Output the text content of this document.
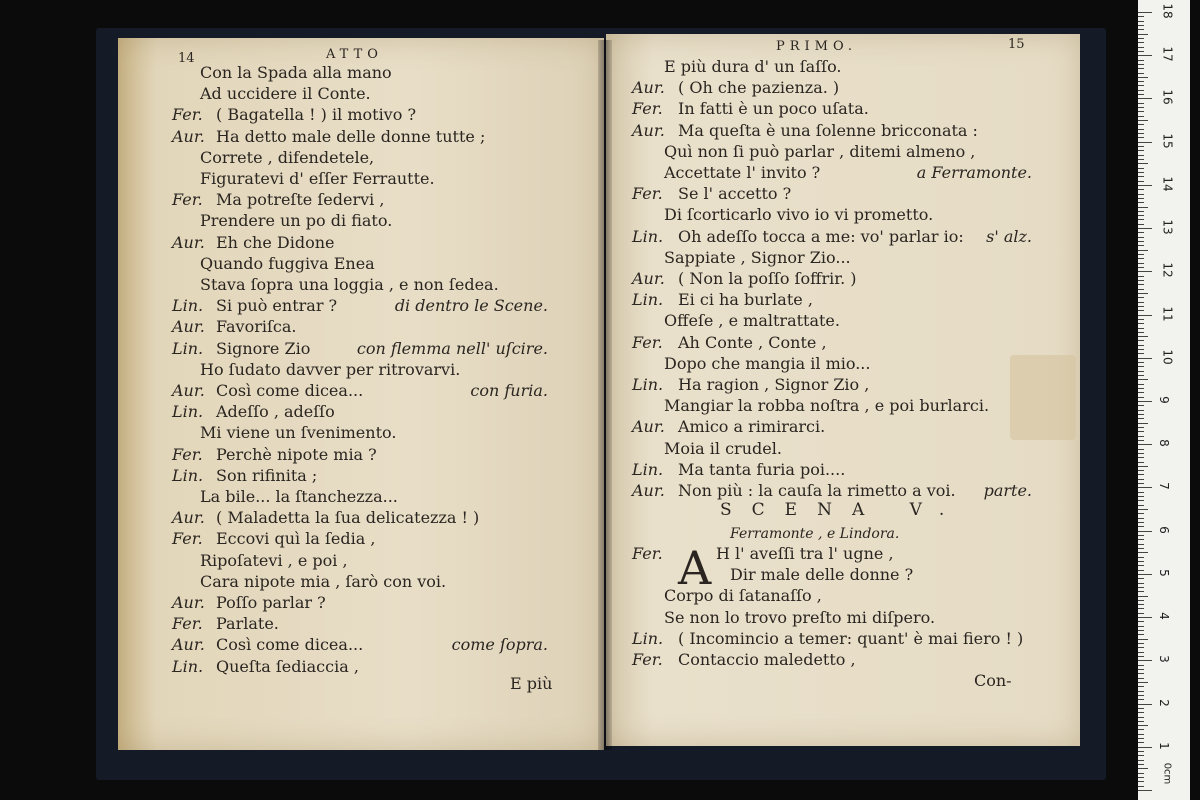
14	ATTO
Con la Spada alla mano
Ad uccidere il Conte.
Fer. ( Bagatella ! ) il motivo ?
Aur. Ha detto male delle donne tutte ;
Correte , difendetele,
Figuratevi d' eſſer Ferrautte.
Fer. Ma potreſte ſedervi ,
Prendere un po di fiato.
Aur. Eh che Didone
Quando fuggiva Enea
Stava ſopra una loggia , e non ſedea.
Lin. Si può entrar ?	di dentro le Scene.
Aur. Favoriſca.
Lin. Signore Zio	con flemma nell' uſcire.
Ho ſudato davver per ritrovarvi.
Aur. Così come dicea...	con furia.
Lin. Adeſſo , adeſſo
Mi viene un ſvenimento.
Fer. Perchè nipote mia ?
Lin. Son rifinita ;
La bile... la ſtanchezza...
Aur. ( Maladetta la ſua delicatezza ! )
Fer. Eccovi quì la ſedia ,
Ripoſatevi , e poi ,
Cara nipote mia , ſarò con voi.
Aur. Poſſo parlar ?
Fer. Parlate.
Aur. Così come dicea...	come ſopra.
Lin. Queſta ſediaccia ,
E più
PRIMO.	15
E più dura d' un ſaſſo.
Aur. ( Oh che pazienza. )
Fer. In fatti è un poco uſata.
Aur. Ma queſta è una ſolenne bricconata :
Quì non ſi può parlar , ditemi almeno ,
Accettate l' invito ?	a Ferramonte.
Fer. Se l' accetto ?
Di ſcorticarlo vivo io vi prometto.
Lin. Oh adeſſo tocca a me: vo' parlar io: s' alz.
Sappiate , Signor Zio...
Aur. ( Non la poſſo ſoffrir. )
Lin. Ei ci ha burlate ,
Offeſe , e maltrattate.
Fer. Ah Conte , Conte ,
Dopo che mangia il mio...
Lin. Ha ragion , Signor Zio ,
Mangiar la robba noſtra , e poi burlarci.
Aur. Amico a rimirarci.
Moia il crudel.
Lin. Ma tanta furia poi....
Aur. Non più : la cauſa la rimetto a voi. parte.
SCENA V.
Ferramonte , e Lindora.
A
Fer.	H l' aveſſi tra l' ugne ,
Dir male delle donne ?
Corpo di ſatanaſſo ,
Se non lo trovo preſto mi diſpero.
Lin. ( Incomincio a temer: quant' è mai fiero ! )
Fer. Contaccio maledetto ,
Con-
0cm
1
2
3
4
5
6
7
8
9
10
11
12
13
14
15
16
17
18
